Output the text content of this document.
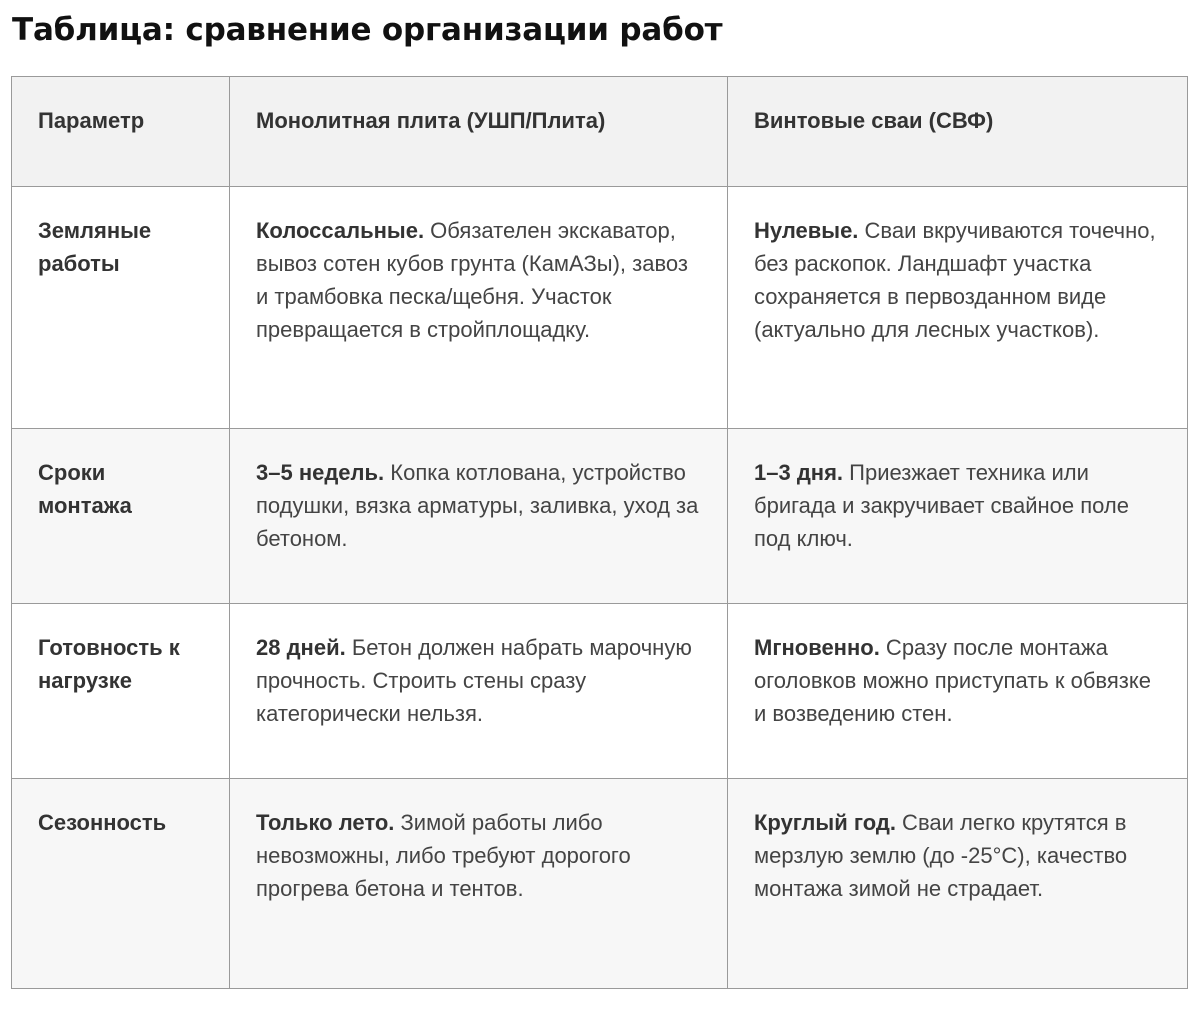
Таблица: сравнение организации работ
Параметр	Монолитная плита (УШП/Плита)	Винтовые сваи (СВФ)
Земляные работы	Колоссальные. Обязателен экскаватор, вывоз сотен кубов грунта (КамАЗы), завоз и трамбовка песка/щебня. Участок превращается в стройплощадку.	Нулевые. Сваи вкручиваются точечно, без раскопок. Ландшафт участка сохраняется в первозданном виде (актуально для лесных участков).
Сроки монтажа	3–5 недель. Копка котлована, устройство подушки, вязка арматуры, заливка, уход за бетоном.	1–3 дня. Приезжает техника или бригада и закручивает свайное поле под ключ.
Готовность к нагрузке	28 дней. Бетон должен набрать марочную прочность. Строить стены сразу категорически нельзя.	Мгновенно. Сразу после монтажа оголовков можно приступать к обвязке и возведению стен.
Сезонность	Только лето. Зимой работы либо невозможны, либо требуют дорогого прогрева бетона и тентов.	Круглый год. Сваи легко крутятся в мерзлую землю (до -25°C), качество монтажа зимой не страдает.
